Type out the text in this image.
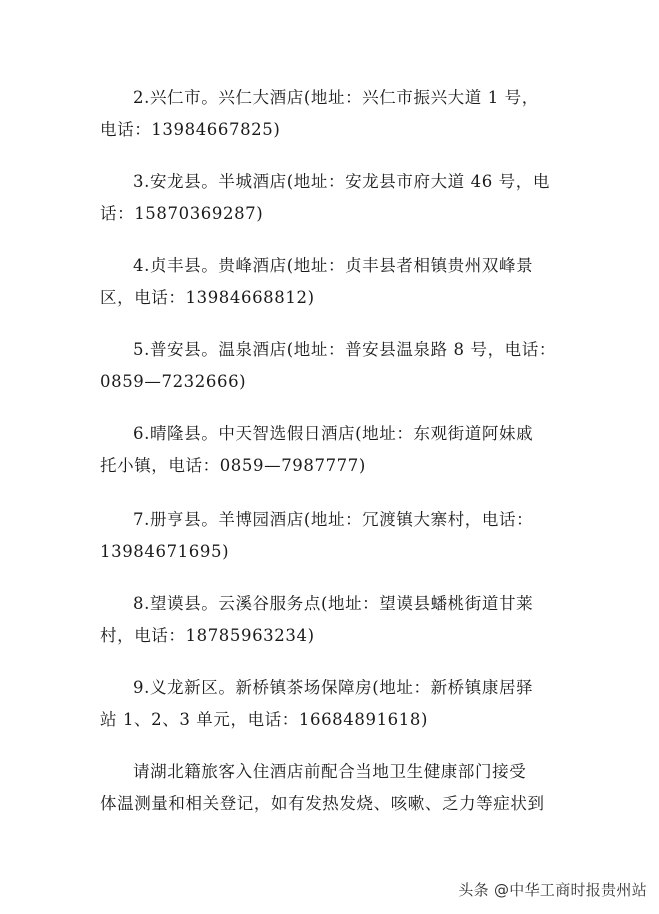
2.兴仁市。兴仁大酒店(地址：兴仁市振兴大道 1 号，
电话：13984667825)

3.安龙县。半城酒店(地址：安龙县市府大道 46 号，电
话：15870369287)

4.贞丰县。贵峰酒店(地址：贞丰县者相镇贵州双峰景
区，电话：13984668812)

5.普安县。温泉酒店(地址：普安县温泉路 8 号，电话：
0859—7232666)

6.晴隆县。中天智选假日酒店(地址：东观街道阿妹戚
托小镇，电话：0859—7987777)

7.册亨县。羊博园酒店(地址：冗渡镇大寨村，电话：
13984671695)

8.望谟县。云溪谷服务点(地址：望谟县蟠桃街道甘莱
村，电话：18785963234)

9.义龙新区。新桥镇茶场保障房(地址：新桥镇康居驿
站 1、2、3 单元，电话：16684891618)

请湖北籍旅客入住酒店前配合当地卫生健康部门接受
体温测量和相关登记，如有发热发烧、咳嗽、乏力等症状到

头条 @中华工商时报贵州站
